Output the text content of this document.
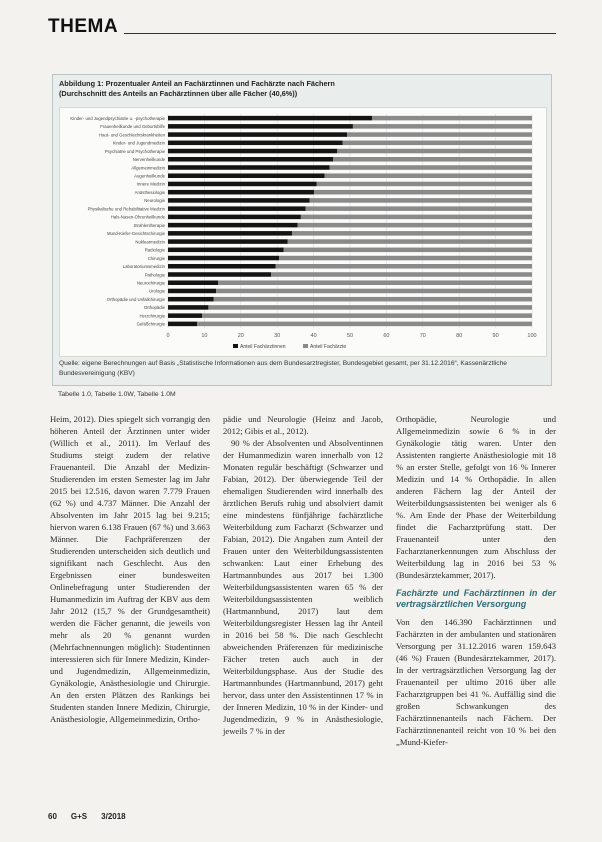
THEMA
Abbildung 1: Prozentualer Anteil an Fachärztinnen und Fachärzte nach Fächern
(Durchschnitt des Anteils an Fachärztinnen über alle Fächer (40,6%))
0	10	20	30	40	50	60	70	80	90	100
Kinder- und Jugendpsychiatrie u. -psychotherapie
Frauenheilkunde und Geburtshilfe
Haut- und Geschlechtskrankheiten
Kinder- und Jugendmedizin
Psychiatrie und Psychotherapie
Nervenheilkunde
Allgemeinmedizin
Augenheilkunde
Innere Medizin
Anästhesiologie
Neurologie
Physikalische und Rehabilitative Medizin
Hals-Nasen-Ohrenheilkunde
Strahlentherapie
Mund-Kiefer-Gesichtschirurgie
Nuklearmedizin
Radiologie
Chirurgie
Laboratoriumsmedizin
Pathologie
Neurochirurgie
Urologie
Orthopädie und Unfallchirurgie
Orthopädie
Herzchirurgie
Gefäßchirurgie
Anteil Fachärztinnen	Anteil Fachärzte
Quelle: eigene Berechnungen auf Basis „Statistische Informationen aus dem Bundesarztregister, Bundesgebiet gesamt, per 31.12.2016“, Kassenärztliche Bundesvereinigung (KBV)
Tabelle 1.0, Tabelle 1.0W, Tabelle 1.0M

Heim, 2012). Dies spiegelt sich vorrangig den höheren Anteil der Ärztinnen unter wider (Willich et al., 2011). Im Verlauf des Studiums steigt zudem der relative Frauenanteil. Die Anzahl der Medizin-Studierenden im ersten Semester lag im Jahr 2015 bei 12.516, davon waren 7.779 Frauen (62 %) und 4.737 Männer. Die Anzahl der Absolventen im Jahr 2015 lag bei 9.215; hiervon waren 6.138 Frauen (67 %) und 3.663 Männer. Die Fachpräferenzen der Studierenden unterscheiden sich deutlich und signifikant nach Geschlecht. Aus den Ergebnissen einer bundesweiten Onlinebefragung unter Studierenden der Humanmedizin im Auftrag der KBV aus dem Jahr 2012 (15,7 % der Grundgesamtheit) werden die Fächer genannt, die jeweils von mehr als 20 % genannt wurden (Mehrfachnennungen möglich): Studentinnen interessieren sich für Innere Medizin, Kinder- und Jugendmedizin, Allgemeinmedizin, Gynäkologie, Anästhesiologie und Chirurgie. An den ersten Plätzen des Rankings bei Studenten standen Innere Medizin, Chirurgie, Anästhesiologie, Allgemeinmedizin, Ortho-

pädie und Neurologie (Heinz and Jacob, 2012; Gibis et al., 2012).
90 % der Absolventen und Absolventinnen der Humanmedizin waren innerhalb von 12 Monaten regulär beschäftigt (Schwarzer und Fabian, 2012). Der überwiegende Teil der ehemaligen Studierenden wird innerhalb des ärztlichen Berufs ruhig und absolviert damit eine mindestens fünfjährige fachärztliche Weiterbildung zum Facharzt (Schwarzer und Fabian, 2012). Die Angaben zum Anteil der Frauen unter den Weiterbildungsassistenten schwanken: Laut einer Erhebung des Hartmannbundes aus 2017 bei 1.300 Weiterbildungsassistenten waren 65 % der Weiterbildungsassistenten weiblich (Hartmannbund, 2017) laut dem Weiterbildungsregister Hessen lag ihr Anteil in 2016 bei 58 %. Die nach Geschlecht abweichenden Präferenzen für medizinische Fächer treten auch auch in der Weiterbildungsphase. Aus der Studie des Hartmannbundes (Hartmannbund, 2017) geht hervor, dass unter den Assistentinnen 17 % in der Inneren Medizin, 10 % in der Kinder- und Jugendmedizin, 9 % in Anästhesiologie, jeweils 7 % in der

Orthopädie, Neurologie und Allgemeinmedizin sowie 6 % in der Gynäkologie tätig waren. Unter den Assistenten rangierte Anästhesiologie mit 18 % an erster Stelle, gefolgt von 16 % Innerer Medizin und 14 % Orthopädie. In allen anderen Fächern lag der Anteil der Weiterbildungsassistenten bei weniger als 6 %. Am Ende der Phase der Weiterbildung findet die Facharztprüfung statt. Der Frauenanteil unter den Facharztanerkennungen zum Abschluss der Weiterbildung lag in 2016 bei 53 % (Bundesärztekammer, 2017).

Fachärzte und Fachärztinnen in der vertragsärztlichen Versorgung

Von den 146.390 Fachärztinnen und Fachärzten in der ambulanten und stationären Versorgung per 31.12.2016 waren 159.643 (46 %) Frauen (Bundesärztekammer, 2017). In der vertragsärztlichen Versorgung lag der Frauenanteil per ultimo 2016 über alle Facharztgruppen bei 41 %. Auffällig sind die großen Schwankungen des Fachärztinnenanteils nach Fächern. Der Fachärztinnenanteil reicht von 10 % bei den „Mund-Kiefer-

60 G+S 3/2018
